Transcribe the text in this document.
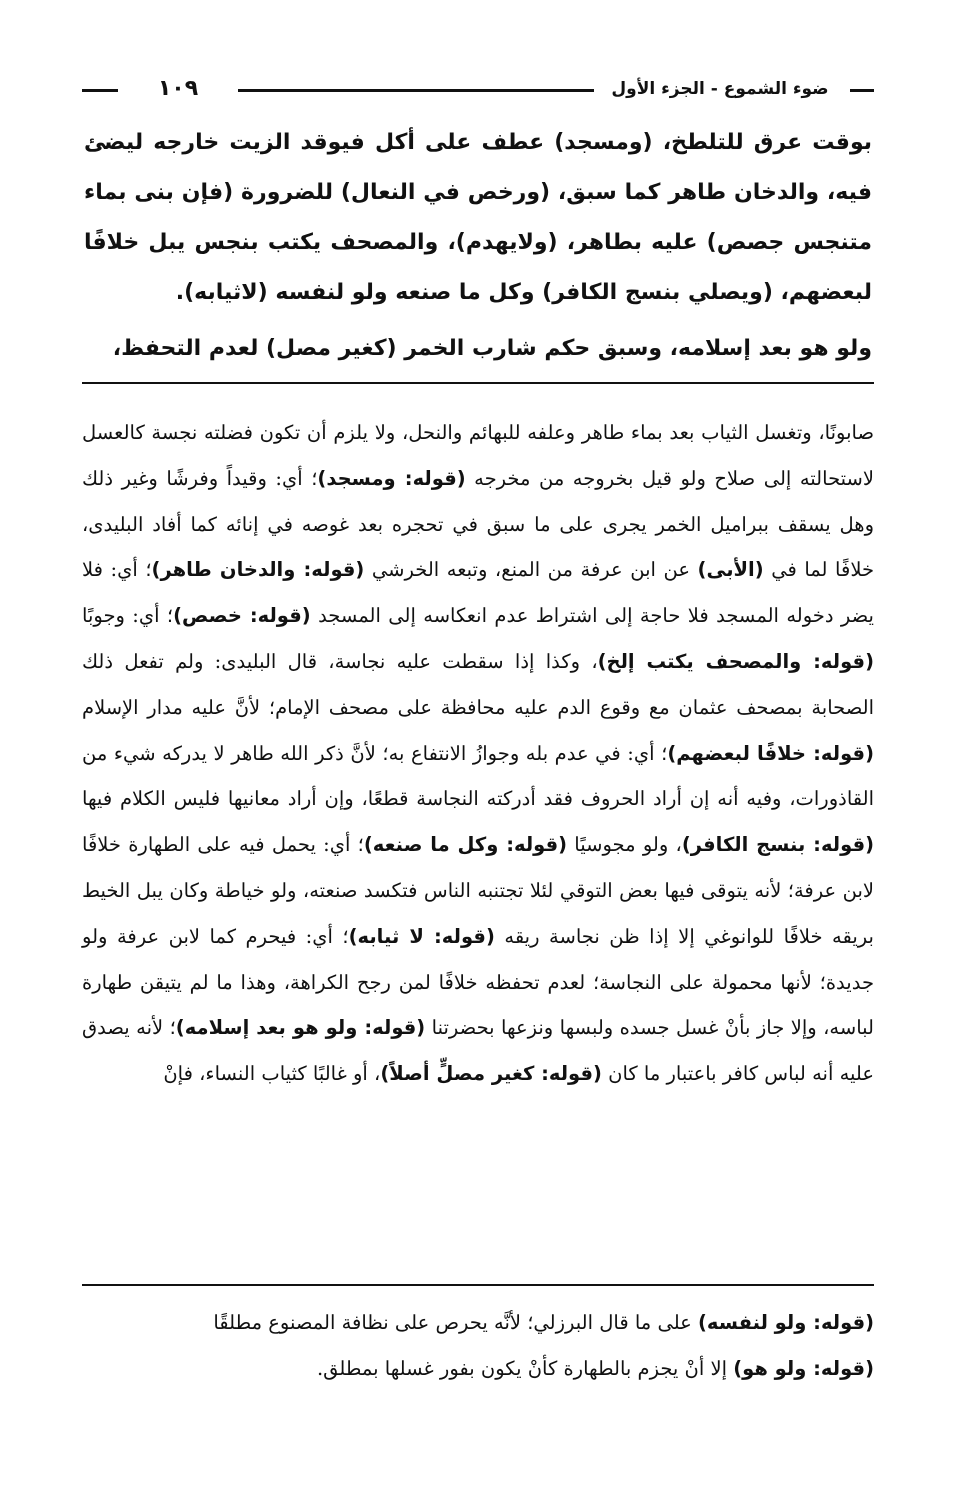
ضوء الشموع - الجزء الأول
١٠٩

بوقت عرق للتلطخ، (ومسجد) عطف على أكل فيوقد الزيت خارجه ليضئ فيه، والدخان طاهر كما سبق، (ورخص في النعال) للضرورة (فإن بنى بماء متنجس جصص) عليه بطاهر، (ولايهدم)، والمصحف يكتب بنجس يبل خلافًا لبعضهم، (ويصلي بنسج الكافر) وكل ما صنعه ولو لنفسه (لاثيابه).

ولو هو بعد إسلامه، وسبق حكم شارب الخمر (كغير مصل) لعدم التحفظ،

صابونًا، وتغسل الثياب بعد بماء طاهر وعلفه للبهائم والنحل، ولا يلزم أن تكون فضلته نجسة كالعسل لاستحالته إلى صلاح ولو قيل بخروجه من مخرجه (قوله: ومسجد)؛ أي: وقيداً وفرشًا وغير ذلك وهل يسقف ببراميل الخمر يجرى على ما سبق في تحجره بعد غوصه في إنائه كما أفاد البليدى، خلافًا لما في (الأبى) عن ابن عرفة من المنع، وتبعه الخرشي (قوله: والدخان طاهر)؛ أي: فلا يضر دخوله المسجد فلا حاجة إلى اشتراط عدم انعكاسه إلى المسجد (قوله: خصص)؛ أي: وجوبًا (قوله: والمصحف يكتب إلخ)، وكذا إذا سقطت عليه نجاسة، قال البليدى: ولم تفعل ذلك الصحابة بمصحف عثمان مع وقوع الدم عليه محافظة على مصحف الإمام؛ لأنَّ عليه مدار الإسلام (قوله: خلافًا لبعضهم)؛ أي: في عدم بله وجوازُ الانتفاع به؛ لأنَّ ذكر الله طاهر لا يدركه شيء من القاذورات، وفيه أنه إن أراد الحروف فقد أدركته النجاسة قطعًا، وإن أراد معانيها فليس الكلام فيها (قوله: بنسج الكافر)، ولو مجوسيًا (قوله: وكل ما صنعه)؛ أي: يحمل فيه على الطهارة خلافًا لابن عرفة؛ لأنه يتوقى فيها بعض التوقي لئلا تجتنبه الناس فتكسد صنعته، ولو خياطة وكان يبل الخيط بريقه خلافًا للوانوغي إلا إذا ظن نجاسة ريقه (قوله: لا ثيابه)؛ أي: فيحرم كما لابن عرفة ولو جديدة؛ لأنها محمولة على النجاسة؛ لعدم تحفظه خلافًا لمن رجح الكراهة، وهذا ما لم يتيقن طهارة لباسه، وإلا جاز بأنْ غسل جسده ولبسها ونزعها بحضرتنا (قوله: ولو هو بعد إسلامه)؛ لأنه يصدق عليه أنه لباس كافر باعتبار ما كان (قوله: كغير مصلٍّ أصلاً)، أو غالبًا كثياب النساء، فإنْ

(قوله: ولو لنفسه) على ما قال البرزلي؛ لأنَّه يحرص على نظافة المصنوع مطلقًا

(قوله: ولو هو) إلا أنْ يجزم بالطهارة كأنْ يكون بفور غسلها بمطلق.
